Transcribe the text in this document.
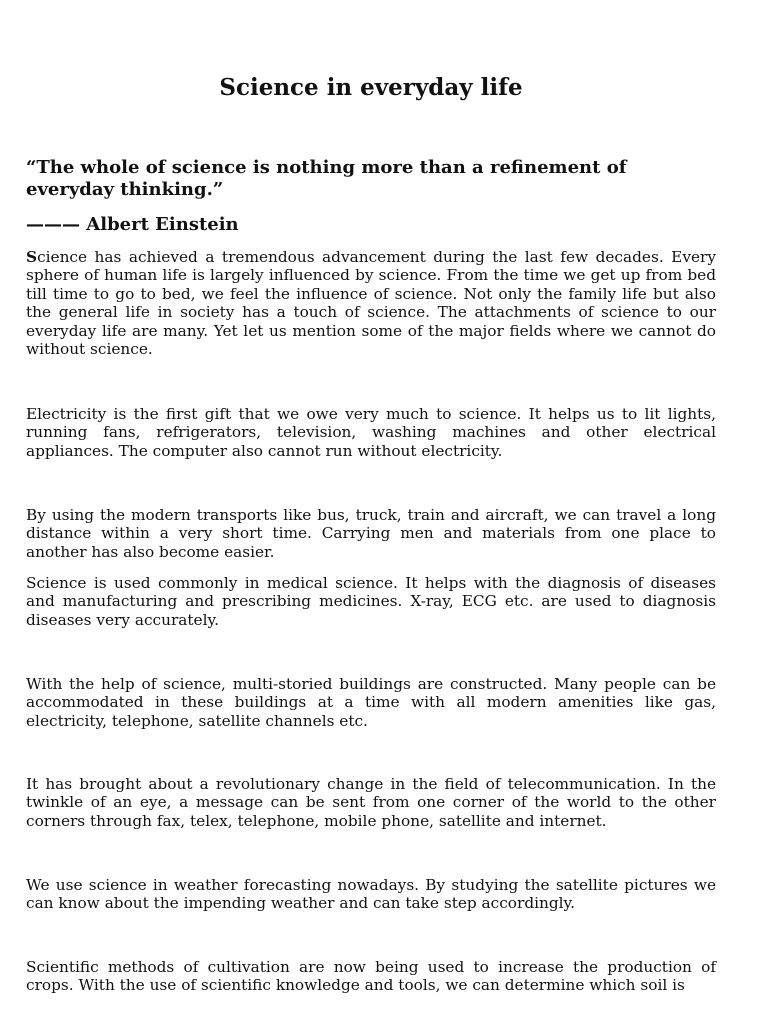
Science in everyday life

“The whole of science is nothing more than a refinement of everyday thinking.”

——— Albert Einstein

Science has achieved a tremendous advancement during the last few decades. Every sphere of human life is largely influenced by science. From the time we get up from bed till time to go to bed, we feel the influence of science. Not only the family life but also the general life in society has a touch of science. The attachments of science to our everyday life are many. Yet let us mention some of the major fields where we cannot do without science.

Electricity is the first gift that we owe very much to science. It helps us to lit lights, running fans, refrigerators, television, washing machines and other electrical appliances. The computer also cannot run without electricity.

By using the modern transports like bus, truck, train and aircraft, we can travel a long distance within a very short time. Carrying men and materials from one place to another has also become easier.

Science is used commonly in medical science. It helps with the diagnosis of diseases and manufacturing and prescribing medicines. X-ray, ECG etc. are used to diagnosis diseases very accurately.

With the help of science, multi-storied buildings are constructed. Many people can be accommodated in these buildings at a time with all modern amenities like gas, electricity, telephone, satellite channels etc.

It has brought about a revolutionary change in the field of telecommunication. In the twinkle of an eye, a message can be sent from one corner of the world to the other corners through fax, telex, telephone, mobile phone, satellite and internet.

We use science in weather forecasting nowadays. By studying the satellite pictures we can know about the impending weather and can take step accordingly.

Scientific methods of cultivation are now being used to increase the production of crops. With the use of scientific knowledge and tools, we can determine which soil is
